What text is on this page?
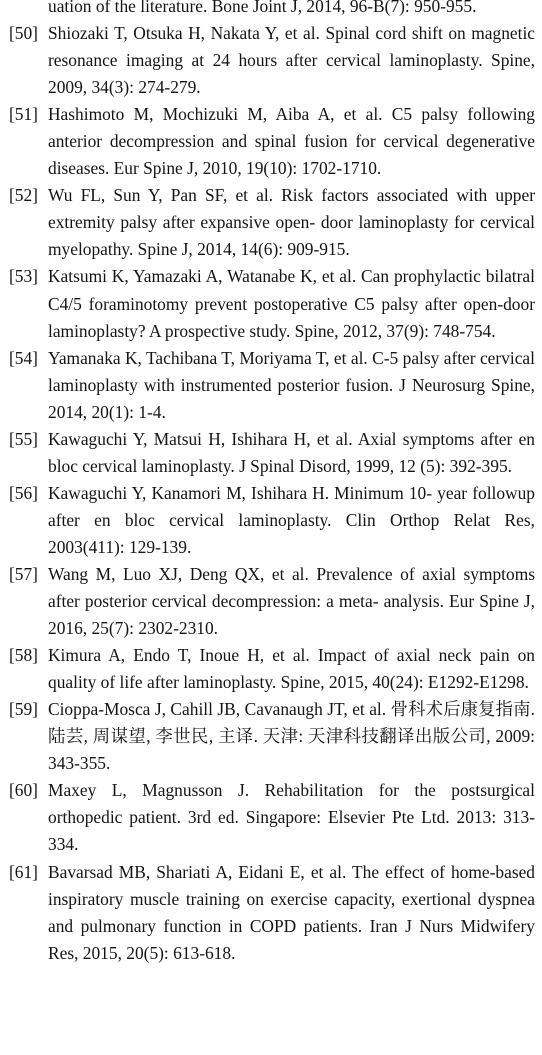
uation of the literature. Bone Joint J, 2014, 96-B(7): 950-955.
[50] Shiozaki T, Otsuka H, Nakata Y, et al. Spinal cord shift on magnetic resonance imaging at 24 hours after cervical laminoplasty. Spine, 2009, 34(3): 274-279.
[51] Hashimoto M, Mochizuki M, Aiba A, et al. C5 palsy following anterior decompression and spinal fusion for cervical degenerative diseases. Eur Spine J, 2010, 19(10): 1702-1710.
[52] Wu FL, Sun Y, Pan SF, et al. Risk factors associated with upper extremity palsy after expansive open- door laminoplasty for cervical myelopathy. Spine J, 2014, 14(6): 909-915.
[53] Katsumi K, Yamazaki A, Watanabe K, et al. Can prophylactic bilatral C4/5 foraminotomy prevent postoperative C5 palsy after open-door laminoplasty? A prospective study. Spine, 2012, 37(9): 748-754.
[54] Yamanaka K, Tachibana T, Moriyama T, et al. C-5 palsy after cervical laminoplasty with instrumented posterior fusion. J Neurosurg Spine, 2014, 20(1): 1-4.
[55] Kawaguchi Y, Matsui H, Ishihara H, et al. Axial symptoms after en bloc cervical laminoplasty. J Spinal Disord, 1999, 12 (5): 392-395.
[56] Kawaguchi Y, Kanamori M, Ishihara H. Minimum 10- year followup after en bloc cervical laminoplasty. Clin Orthop Relat Res, 2003(411): 129-139.
[57] Wang M, Luo XJ, Deng QX, et al. Prevalence of axial symptoms after posterior cervical decompression: a meta- analysis. Eur Spine J, 2016, 25(7): 2302-2310.
[58] Kimura A, Endo T, Inoue H, et al. Impact of axial neck pain on quality of life after laminoplasty. Spine, 2015, 40(24): E1292-E1298.
[59] Cioppa-Mosca J, Cahill JB, Cavanaugh JT, et al. 骨科术后康复指南. 陆芸, 周谋望, 李世民, 主译. 天津: 天津科技翻译出版公司, 2009: 343-355.
[60] Maxey L, Magnusson J. Rehabilitation for the postsurgical orthopedic patient. 3rd ed. Singapore: Elsevier Pte Ltd. 2013: 313-334.
[61] Bavarsad MB, Shariati A, Eidani E, et al. The effect of home-based inspiratory muscle training on exercise capacity, exertional dyspnea and pulmonary function in COPD patients. Iran J Nurs Midwifery Res, 2015, 20(5): 613-618.
